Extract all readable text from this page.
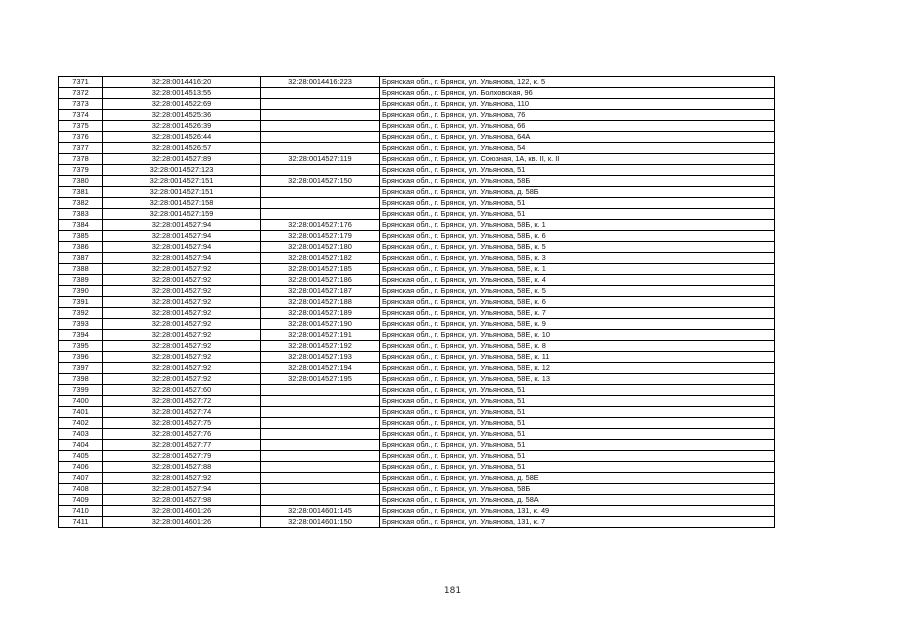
7371	32:28:0014416:20	32:28:0014416:223	Брянская обл., г. Брянск, ул. Ульянова, 122, к. 5
7372	32:28:0014513:55		Брянская обл., г. Брянск, ул. Болховская, 96
7373	32:28:0014522:69		Брянская обл., г. Брянск, ул. Ульянова, 110
7374	32:28:0014525:36		Брянская обл., г. Брянск, ул. Ульянова, 76
7375	32:28:0014526:39		Брянская обл., г. Брянск, ул. Ульянова, 66
7376	32:28:0014526:44		Брянская обл., г. Брянск, ул. Ульянова, 64А
7377	32:28:0014526:57		Брянская обл., г. Брянск, ул. Ульянова, 54
7378	32:28:0014527:89	32:28:0014527:119	Брянская обл., г. Брянск, ул. Союзная, 1А, кв. II, к. II
7379	32:28:0014527:123		Брянская обл., г. Брянск, ул. Ульянова, 51
7380	32:28:0014527:151	32:28:0014527:150	Брянская обл., г. Брянск, ул. Ульянова, 58Б
7381	32:28:0014527:151		Брянская обл., г. Брянск, ул. Ульянова, д. 58Б
7382	32:28:0014527:158		Брянская обл., г. Брянск, ул. Ульянова, 51
7383	32:28:0014527:159		Брянская обл., г. Брянск, ул. Ульянова, 51
7384	32:28:0014527:94	32:28:0014527:176	Брянская обл., г. Брянск, ул. Ульянова, 58Б, к. 1
7385	32:28:0014527:94	32:28:0014527:179	Брянская обл., г. Брянск, ул. Ульянова, 58Б, к. 6
7386	32:28:0014527:94	32:28:0014527:180	Брянская обл., г. Брянск, ул. Ульянова, 58Б, к. 5
7387	32:28:0014527:94	32:28:0014527:182	Брянская обл., г. Брянск, ул. Ульянова, 58Б, к. 3
7388	32:28:0014527:92	32:28:0014527:185	Брянская обл., г. Брянск, ул. Ульянова, 58Е, к. 1
7389	32:28:0014527:92	32:28:0014527:186	Брянская обл., г. Брянск, ул. Ульянова, 58Е, к. 4
7390	32:28:0014527:92	32:28:0014527:187	Брянская обл., г. Брянск, ул. Ульянова, 58Е, к. 5
7391	32:28:0014527:92	32:28:0014527:188	Брянская обл., г. Брянск, ул. Ульянова, 58Е, к. 6
7392	32:28:0014527:92	32:28:0014527:189	Брянская обл., г. Брянск, ул. Ульянова, 58Е, к. 7
7393	32:28:0014527:92	32:28:0014527:190	Брянская обл., г. Брянск, ул. Ульянова, 58Е, к. 9
7394	32:28:0014527:92	32:28:0014527:191	Брянская обл., г. Брянск, ул. Ульянова, 58Е, к. 10
7395	32:28:0014527:92	32:28:0014527:192	Брянская обл., г. Брянск, ул. Ульянова, 58Е, к. 8
7396	32:28:0014527:92	32:28:0014527:193	Брянская обл., г. Брянск, ул. Ульянова, 58Е, к. 11
7397	32:28:0014527:92	32:28:0014527:194	Брянская обл., г. Брянск, ул. Ульянова, 58Е, к. 12
7398	32:28:0014527:92	32:28:0014527:195	Брянская обл., г. Брянск, ул. Ульянова, 58Е, к. 13
7399	32:28:0014527:60		Брянская обл., г. Брянск, ул. Ульянова, 51
7400	32:28:0014527:72		Брянская обл., г. Брянск, ул. Ульянова, 51
7401	32:28:0014527:74		Брянская обл., г. Брянск, ул. Ульянова, 51
7402	32:28:0014527:75		Брянская обл., г. Брянск, ул. Ульянова, 51
7403	32:28:0014527:76		Брянская обл., г. Брянск, ул. Ульянова, 51
7404	32:28:0014527:77		Брянская обл., г. Брянск, ул. Ульянова, 51
7405	32:28:0014527:79		Брянская обл., г. Брянск, ул. Ульянова, 51
7406	32:28:0014527:88		Брянская обл., г. Брянск, ул. Ульянова, 51
7407	32:28:0014527:92		Брянская обл., г. Брянск, ул. Ульянова, д. 58Е
7408	32:28:0014527:94		Брянская обл., г. Брянск, ул. Ульянова, 58Б
7409	32:28:0014527:98		Брянская обл., г. Брянск, ул. Ульянова, д. 58А
7410	32:28:0014601:26	32:28:0014601:145	Брянская обл., г. Брянск, ул. Ульянова, 131, к. 49
7411	32:28:0014601:26	32:28:0014601:150	Брянская обл., г. Брянск, ул. Ульянова, 131, к. 7
181
